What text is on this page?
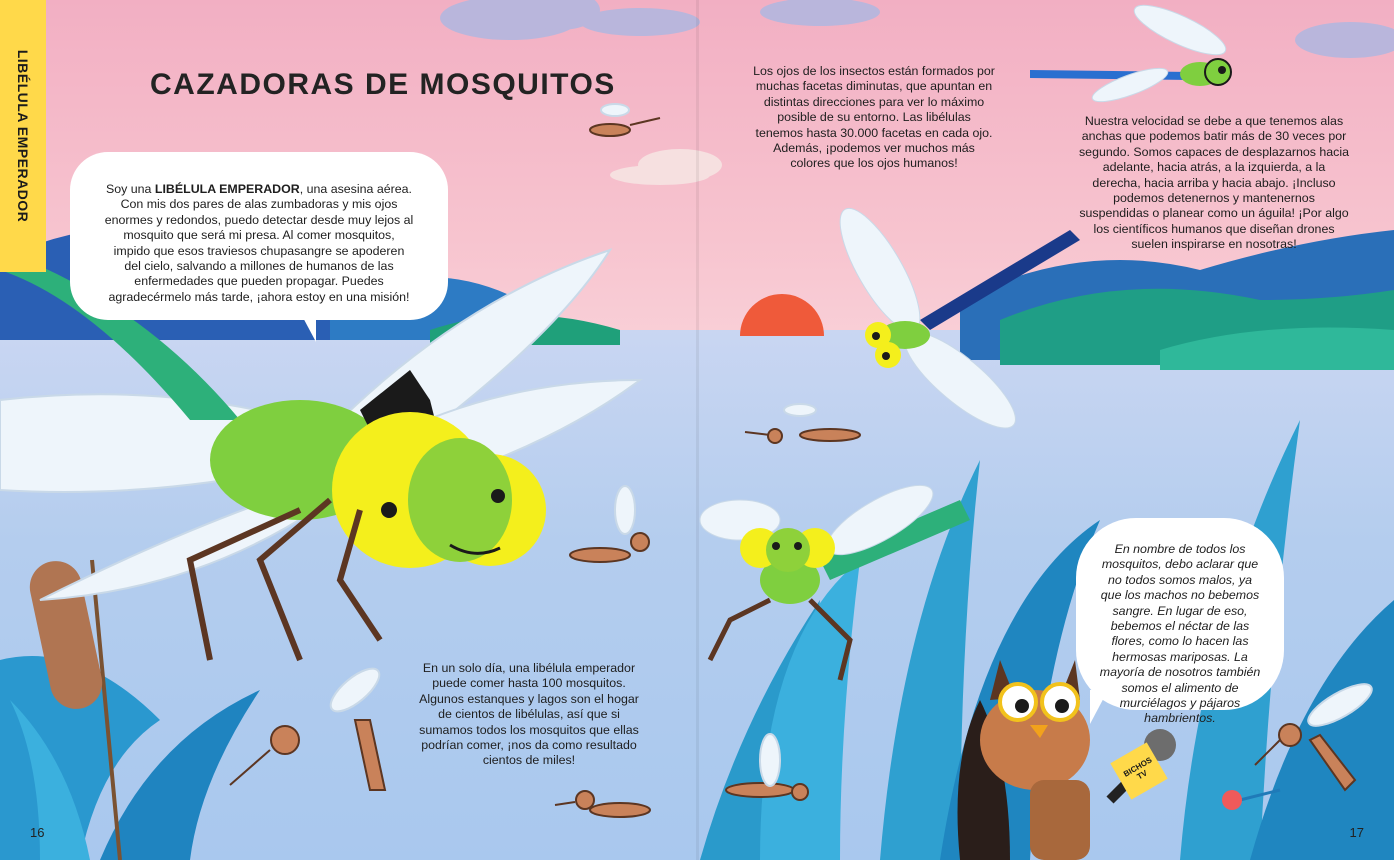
LIBÉLULA EMPERADOR	CAZADORAS DE MOSQUITOS
Soy una LIBÉLULA EMPERADOR, una asesina aérea. Con mis dos pares de alas zumbadoras y mis ojos enormes y redondos, puedo detectar desde muy lejos al mosquito que será mi presa. Al comer mosquitos, impido que esos traviesos chupasangre se apoderen del cielo, salvando a millones de humanos de las enfermedades que pueden propagar. Puedes agradecérmelo más tarde, ¡ahora estoy en una misión!
Los ojos de los insectos están formados por muchas facetas diminutas, que apuntan en distintas direcciones para ver lo máximo posible de su entorno. Las libélulas tenemos hasta 30.000 facetas en cada ojo. Además, ¡podemos ver muchos más colores que los ojos humanos!
Nuestra velocidad se debe a que tenemos alas anchas que podemos batir más de 30 veces por segundo. Somos capaces de desplazarnos hacia adelante, hacia atrás, a la izquierda, a la derecha, hacia arriba y hacia abajo. ¡Incluso podemos detenernos y mantenernos suspendidas o planear como un águila! ¡Por algo los científicos humanos que diseñan drones suelen inspirarse en nosotras!
En un solo día, una libélula emperador puede comer hasta 100 mosquitos. Algunos estanques y lagos son el hogar de cientos de libélulas, así que si sumamos todos los mosquitos que ellas podrían comer, ¡nos da como resultado cientos de miles!
En nombre de todos los mosquitos, debo aclarar que no todos somos malos, ya que los machos no bebemos sangre. En lugar de eso, bebemos el néctar de las flores, como lo hacen las hermosas mariposas. La mayoría de nosotros también somos el alimento de murciélagos y pájaros hambrientos.
BICHOS TV
16	17
